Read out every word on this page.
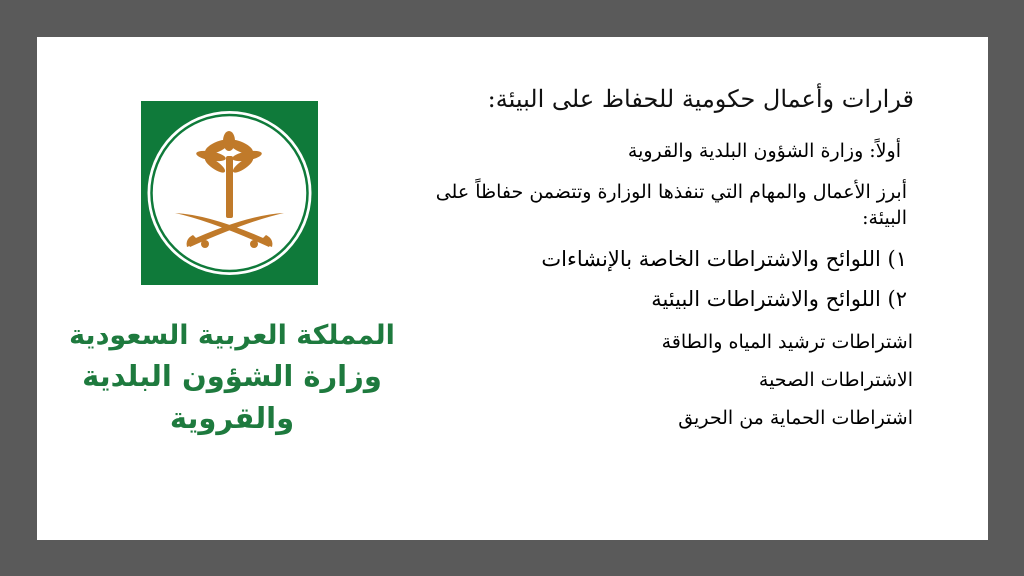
المملكة العربية السعودية
وزارة الشؤون البلدية والقروية
قرارات وأعمال حكومية للحفاظ على البيئة:
أولاً: وزارة الشؤون البلدية والقروية
أبرز الأعمال والمهام التي تنفذها الوزارة وتتضمن حفاظاً على البيئة:
١) اللوائح والاشتراطات الخاصة بالإنشاءات
٢) اللوائح والاشتراطات البيئية
اشتراطات ترشيد المياه والطاقة
الاشتراطات الصحية
اشتراطات الحماية من الحريق
